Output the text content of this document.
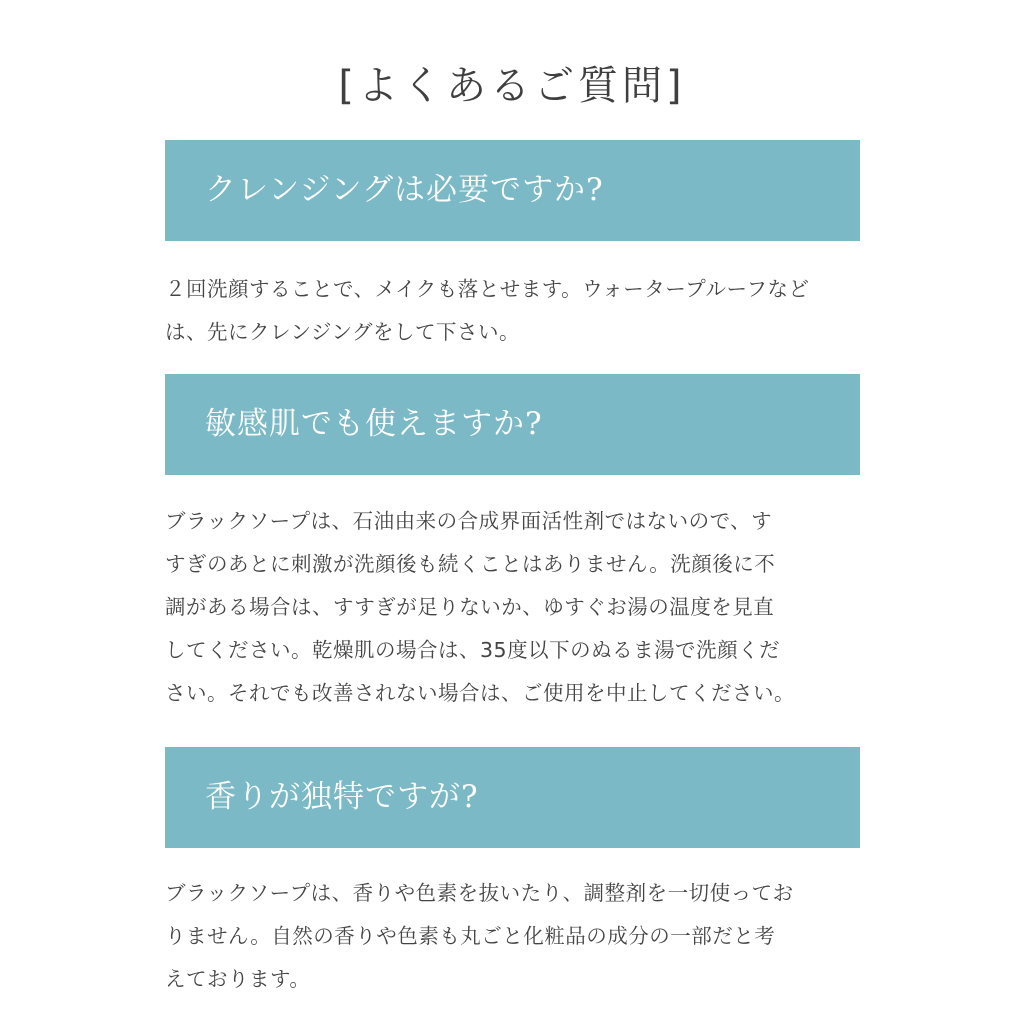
[よくあるご質問]
クレンジングは必要ですか?
２回洗顔することで、メイクも落とせます。ウォータープルーフなど
は、先にクレンジングをして下さい。
敏感肌でも使えますか?
ブラックソープは、石油由来の合成界面活性剤ではないので、す
すぎのあとに刺激が洗顔後も続くことはありません。洗顔後に不
調がある場合は、すすぎが足りないか、ゆすぐお湯の温度を見直
してください。乾燥肌の場合は、35度以下のぬるま湯で洗顔くだ
さい。それでも改善されない場合は、ご使用を中止してください。
香りが独特ですが?
ブラックソープは、香りや色素を抜いたり、調整剤を一切使ってお
りません。自然の香りや色素も丸ごと化粧品の成分の一部だと考
えております。
